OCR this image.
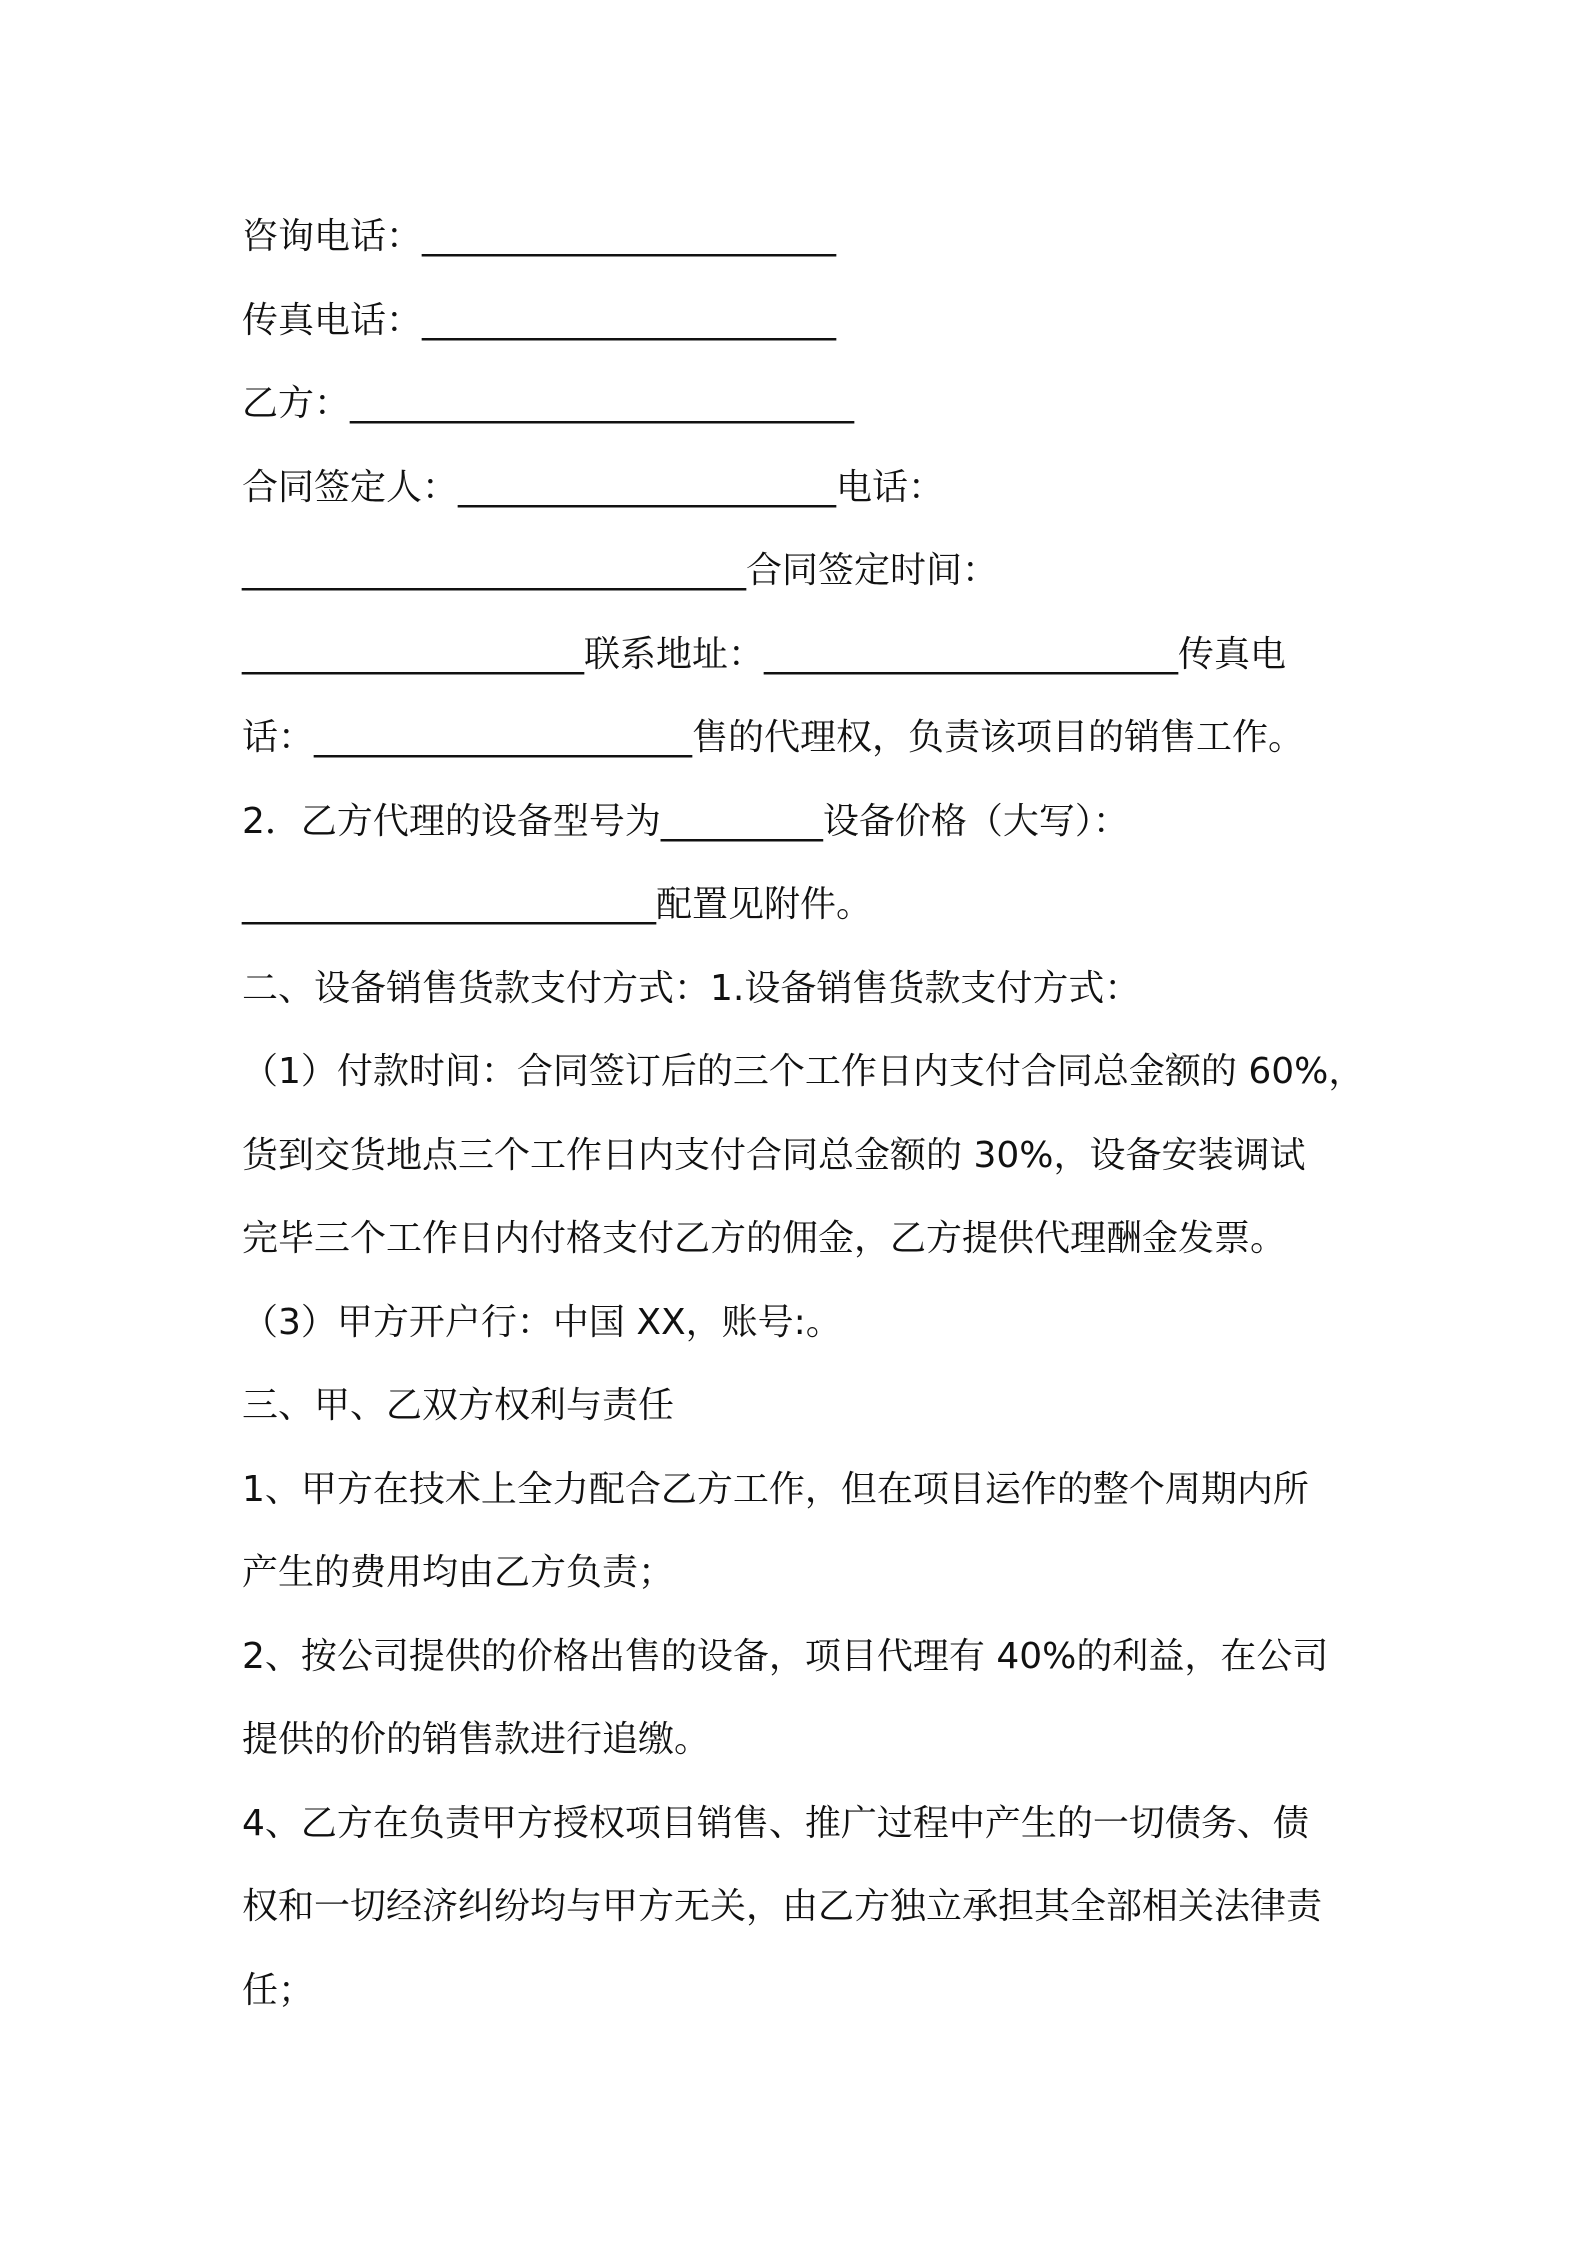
咨询电话：_______________________
传真电话：_______________________
乙方：____________________________
合同签定人：_____________________电话：
____________________________合同签定时间：
___________________联系地址：_______________________传真电
话：_____________________售的代理权，负责该项目的销售工作。
2．乙方代理的设备型号为_________设备价格（大写）：
_______________________配置见附件。
二、设备销售货款支付方式：1.设备销售货款支付方式：
（1）付款时间：合同签订后的三个工作日内支付合同总金额的 60%，
货到交货地点三个工作日内支付合同总金额的 30%，设备安装调试
完毕三个工作日内付格支付乙方的佣金，乙方提供代理酬金发票。
（3）甲方开户行：中国 XX，账号:。
三、甲、乙双方权利与责任
1、甲方在技术上全力配合乙方工作，但在项目运作的整个周期内所
产生的费用均由乙方负责；
2、按公司提供的价格出售的设备，项目代理有 40%的利益，在公司
提供的价的销售款进行追缴。
4、乙方在负责甲方授权项目销售、推广过程中产生的一切债务、债
权和一切经济纠纷均与甲方无关，由乙方独立承担其全部相关法律责
任；
